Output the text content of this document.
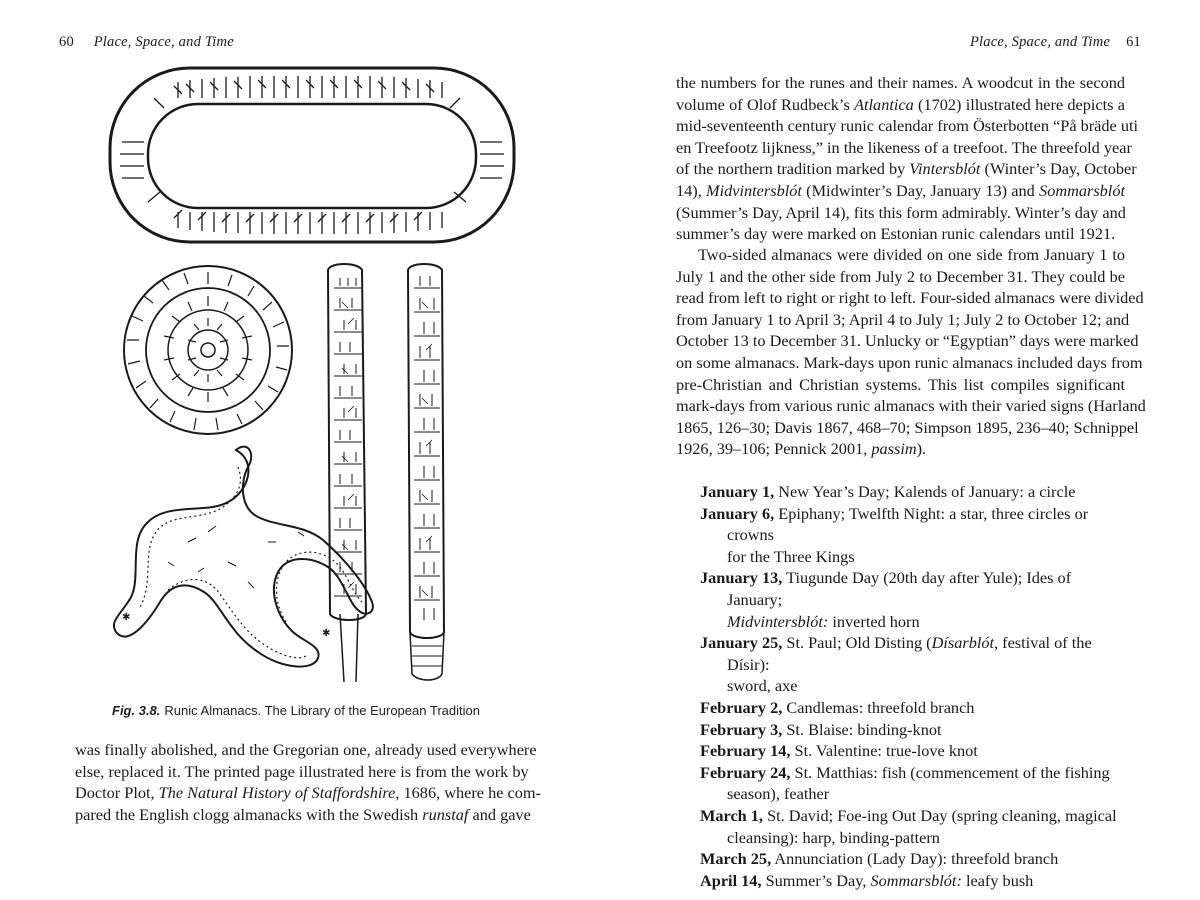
60 Place, Space, and Time
✱
✱
Fig. 3.8. Runic Almanacs. The Library of the European Tradition
was finally abolished, and the Gregorian one, already used everywhere
else, replaced it. The printed page illustrated here is from the work by
Doctor Plot, The Natural History of Staffordshire, 1686, where he com-
pared the English clogg almanacks with the Swedish runstaf and gave
Place, Space, and Time 61
the numbers for the runes and their names. A woodcut in the second
volume of Olof Rudbeck’s Atlantica (1702) illustrated here depicts a
mid-seventeenth century runic calendar from Österbotten “På bräde uti
en Treefootz lijkness,” in the likeness of a treefoot. The threefold year
of the northern tradition marked by Vintersblót (Winter’s Day, October
14), Midvintersblót (Midwinter’s Day, January 13) and Sommarsblót
(Summer’s Day, April 14), fits this form admirably. Winter’s day and
summer’s day were marked on Estonian runic calendars until 1921.
Two-sided almanacs were divided on one side from January 1 to
July 1 and the other side from July 2 to December 31. They could be
read from left to right or right to left. Four-sided almanacs were divided
from January 1 to April 3; April 4 to July 1; July 2 to October 12; and
October 13 to December 31. Unlucky or “Egyptian” days were marked
on some almanacs. Mark-days upon runic almanacs included days from
pre-Christian and Christian systems. This list compiles significant
mark-days from various runic almanacs with their varied signs (Harland
1865, 126–30; Davis 1867, 468–70; Simpson 1895, 236–40; Schnippel
1926, 39–106; Pennick 2001, passim).
January 1, New Year’s Day; Kalends of January: a circle
January 6, Epiphany; Twelfth Night: a star, three circles or crowns
for the Three Kings
January 13, Tiugunde Day (20th day after Yule); Ides of January;
Midvintersblót: inverted horn
January 25, St. Paul; Old Disting (Dísarblót, festival of the Dísir):
sword, axe
February 2, Candlemas: threefold branch
February 3, St. Blaise: binding-knot
February 14, St. Valentine: true-love knot
February 24, St. Matthias: fish (commencement of the fishing
season), feather
March 1, St. David; Foe-ing Out Day (spring cleaning, magical
cleansing): harp, binding-pattern
March 25, Annunciation (Lady Day): threefold branch
April 14, Summer’s Day, Sommarsblót: leafy bush
